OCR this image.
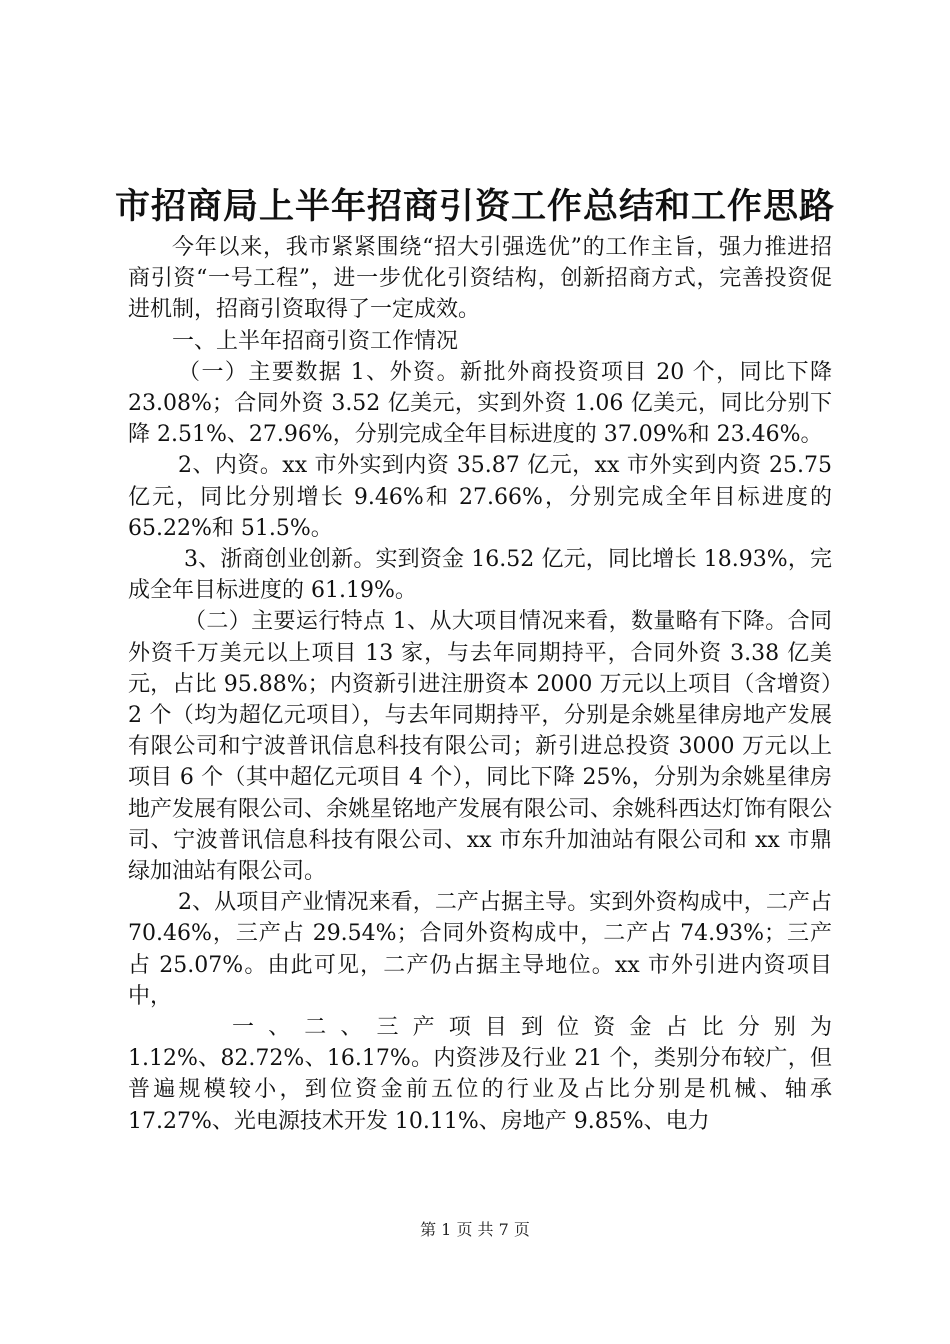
市招商局上半年招商引资工作总结和工作思路

今年以来，我市紧紧围绕“招大引强选优”的工作主旨，强力推进招商引资“一号工程”，进一步优化引资结构，创新招商方式，完善投资促进机制，招商引资取得了一定成效。

一、上半年招商引资工作情况

（一）主要数据 1、外资。新批外商投资项目 20 个，同比下降 23.08%；合同外资 3.52 亿美元，实到外资 1.06 亿美元，同比分别下降 2.51%、27.96%，分别完成全年目标进度的 37.09%和 23.46%。

2、内资。xx 市外实到内资 35.87 亿元，xx 市外实到内资 25.75 亿元，同比分别增长 9.46%和 27.66%，分别完成全年目标进度的 65.22%和 51.5%。

3、浙商创业创新。实到资金 16.52 亿元，同比增长 18.93%，完成全年目标进度的 61.19%。

（二）主要运行特点 1、从大项目情况来看，数量略有下降。合同外资千万美元以上项目 13 家，与去年同期持平，合同外资 3.38 亿美元，占比 95.88%；内资新引进注册资本 2000 万元以上项目（含增资）2 个（均为超亿元项目），与去年同期持平，分别是余姚星律房地产发展有限公司和宁波普讯信息科技有限公司；新引进总投资 3000 万元以上项目 6 个（其中超亿元项目 4 个），同比下降 25%，分别为余姚星律房地产发展有限公司、余姚星铭地产发展有限公司、余姚科西达灯饰有限公司、宁波普讯信息科技有限公司、xx 市东升加油站有限公司和 xx 市鼎绿加油站有限公司。

2、从项目产业情况来看，二产占据主导。实到外资构成中，二产占 70.46%，三产占 29.54%；合同外资构成中，二产占 74.93%；三产占 25.07%。由此可见，二产仍占据主导地位。xx 市外引进内资项目中，

一、二、三产项目到位资金占比分别为

1.12%、82.72%、16.17%。内资涉及行业 21 个，类别分布较广，但普遍规模较小，到位资金前五位的行业及占比分别是机械、轴承 17.27%、光电源技术开发 10.11%、房地产 9.85%、电力

第 1 页 共 7 页
